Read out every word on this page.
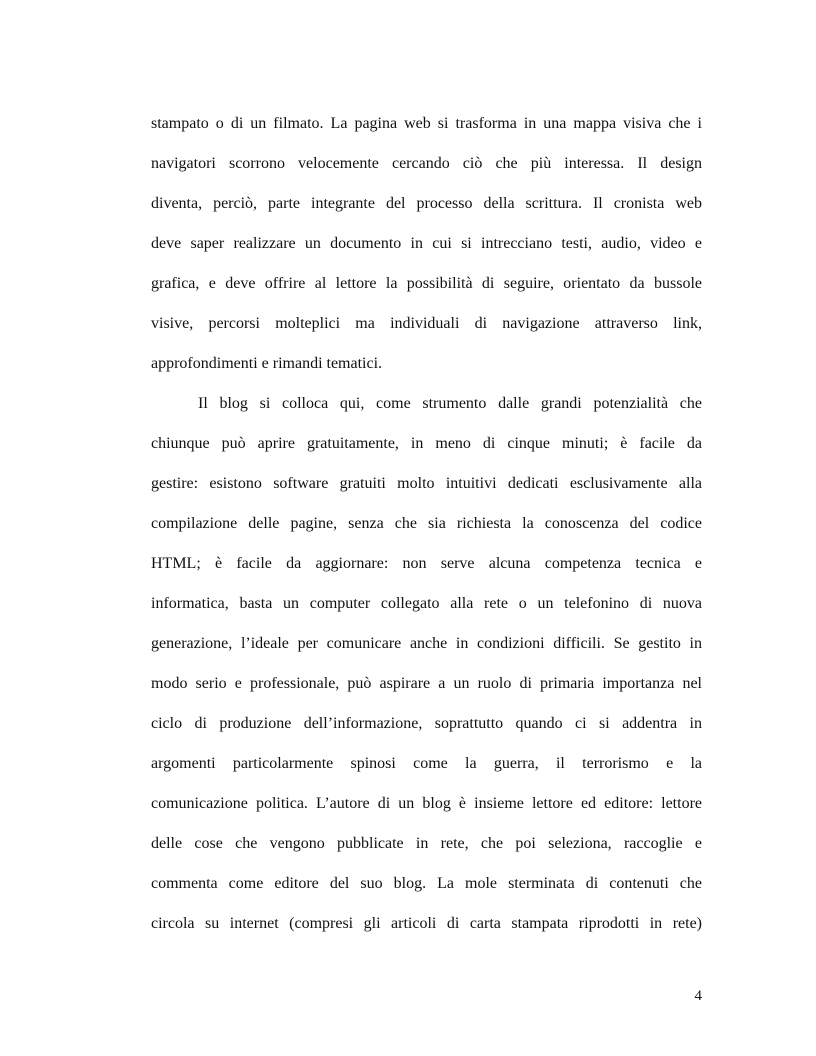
stampato o di un filmato. La pagina web si trasforma in una mappa visiva che i
navigatori scorrono velocemente cercando ciò che più interessa. Il design
diventa, perciò, parte integrante del processo della scrittura. Il cronista web
deve saper realizzare un documento in cui si intrecciano testi, audio, video e
grafica, e deve offrire al lettore la possibilità di seguire, orientato da bussole
visive, percorsi molteplici ma individuali di navigazione attraverso link,
approfondimenti e rimandi tematici.
Il blog si colloca qui, come strumento dalle grandi potenzialità che
chiunque può aprire gratuitamente, in meno di cinque minuti; è facile da
gestire: esistono software gratuiti molto intuitivi dedicati esclusivamente alla
compilazione delle pagine, senza che sia richiesta la conoscenza del codice
HTML; è facile da aggiornare: non serve alcuna competenza tecnica e
informatica, basta un computer collegato alla rete o un telefonino di nuova
generazione, l’ideale per comunicare anche in condizioni difficili. Se gestito in
modo serio e professionale, può aspirare a un ruolo di primaria importanza nel
ciclo di produzione dell’informazione, soprattutto quando ci si addentra in
argomenti particolarmente spinosi come la guerra, il terrorismo e la
comunicazione politica. L’autore di un blog è insieme lettore ed editore: lettore
delle cose che vengono pubblicate in rete, che poi seleziona, raccoglie e
commenta come editore del suo blog. La mole sterminata di contenuti che
circola su internet (compresi gli articoli di carta stampata riprodotti in rete)
4
